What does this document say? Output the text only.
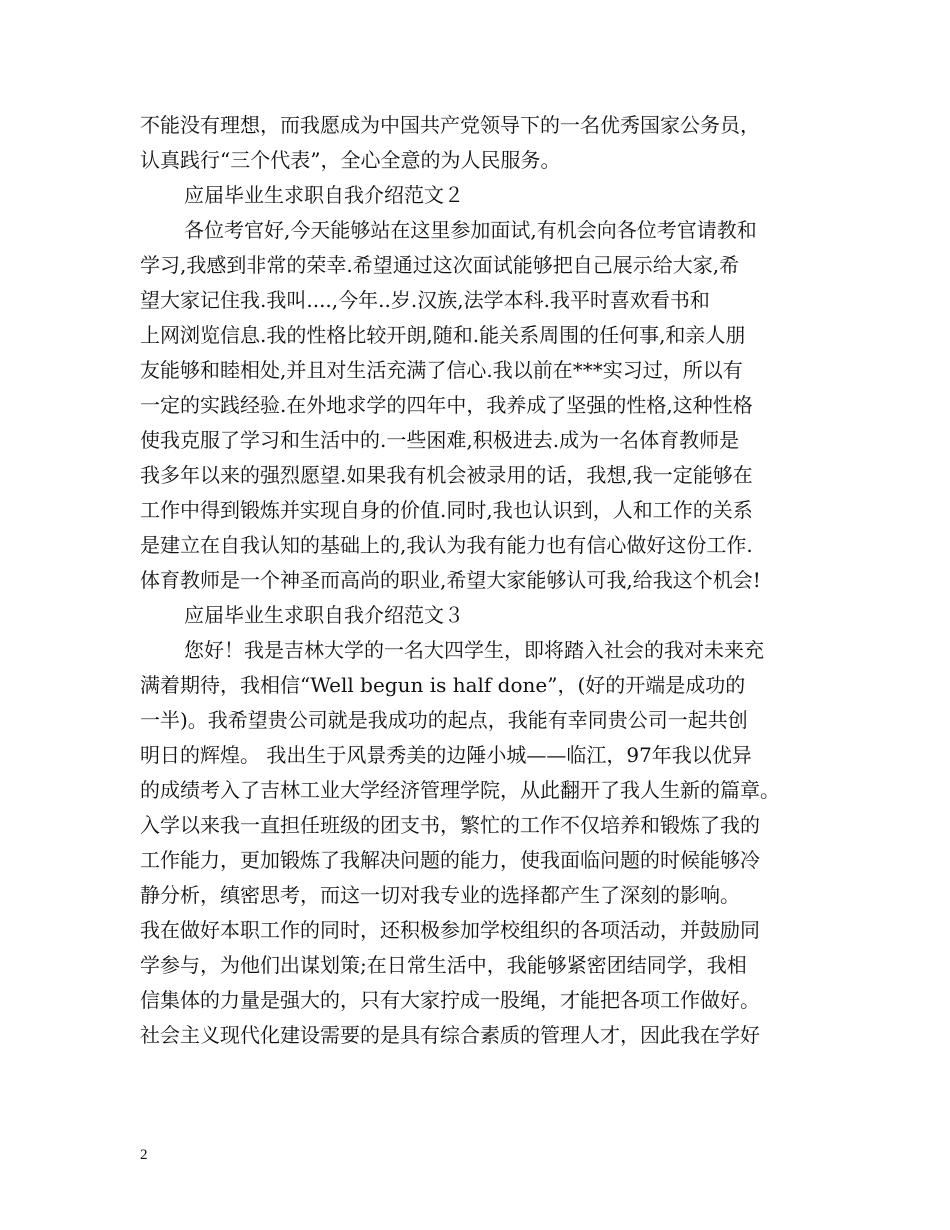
不能没有理想，而我愿成为中国共产党领导下的一名优秀国家公务员，
认真践行“三个代表”，全心全意的为人民服务。
应届毕业生求职自我介绍范文２
各位考官好,今天能够站在这里参加面试,有机会向各位考官请教和
学习,我感到非常的荣幸.希望通过这次面试能够把自己展示给大家,希
望大家记住我.我叫....,今年..岁.汉族,法学本科.我平时喜欢看书和
上网浏览信息.我的性格比较开朗,随和.能关系周围的任何事,和亲人朋
友能够和睦相处,并且对生活充满了信心.我以前在***实习过，所以有
一定的实践经验.在外地求学的四年中，我养成了坚强的性格,这种性格
使我克服了学习和生活中的.一些困难,积极进去.成为一名体育教师是
我多年以来的强烈愿望.如果我有机会被录用的话，我想,我一定能够在
工作中得到锻炼并实现自身的价值.同时,我也认识到，人和工作的关系
是建立在自我认知的基础上的,我认为我有能力也有信心做好这份工作.
体育教师是一个神圣而高尚的职业,希望大家能够认可我,给我这个机会!
应届毕业生求职自我介绍范文３
您好！我是吉林大学的一名大四学生，即将踏入社会的我对未来充
满着期待，我相信“Well begun is half done”，(好的开端是成功的
一半)。我希望贵公司就是我成功的起点，我能有幸同贵公司一起共创
明日的辉煌。 我出生于风景秀美的边陲小城——临江，97年我以优异
的成绩考入了吉林工业大学经济管理学院，从此翻开了我人生新的篇章。
入学以来我一直担任班级的团支书，繁忙的工作不仅培养和锻炼了我的
工作能力，更加锻炼了我解决问题的能力，使我面临问题的时候能够冷
静分析，缜密思考，而这一切对我专业的选择都产生了深刻的影响。
我在做好本职工作的同时，还积极参加学校组织的各项活动，并鼓励同
学参与，为他们出谋划策;在日常生活中，我能够紧密团结同学，我相
信集体的力量是强大的，只有大家拧成一股绳，才能把各项工作做好。
社会主义现代化建设需要的是具有综合素质的管理人才，因此我在学好
2
